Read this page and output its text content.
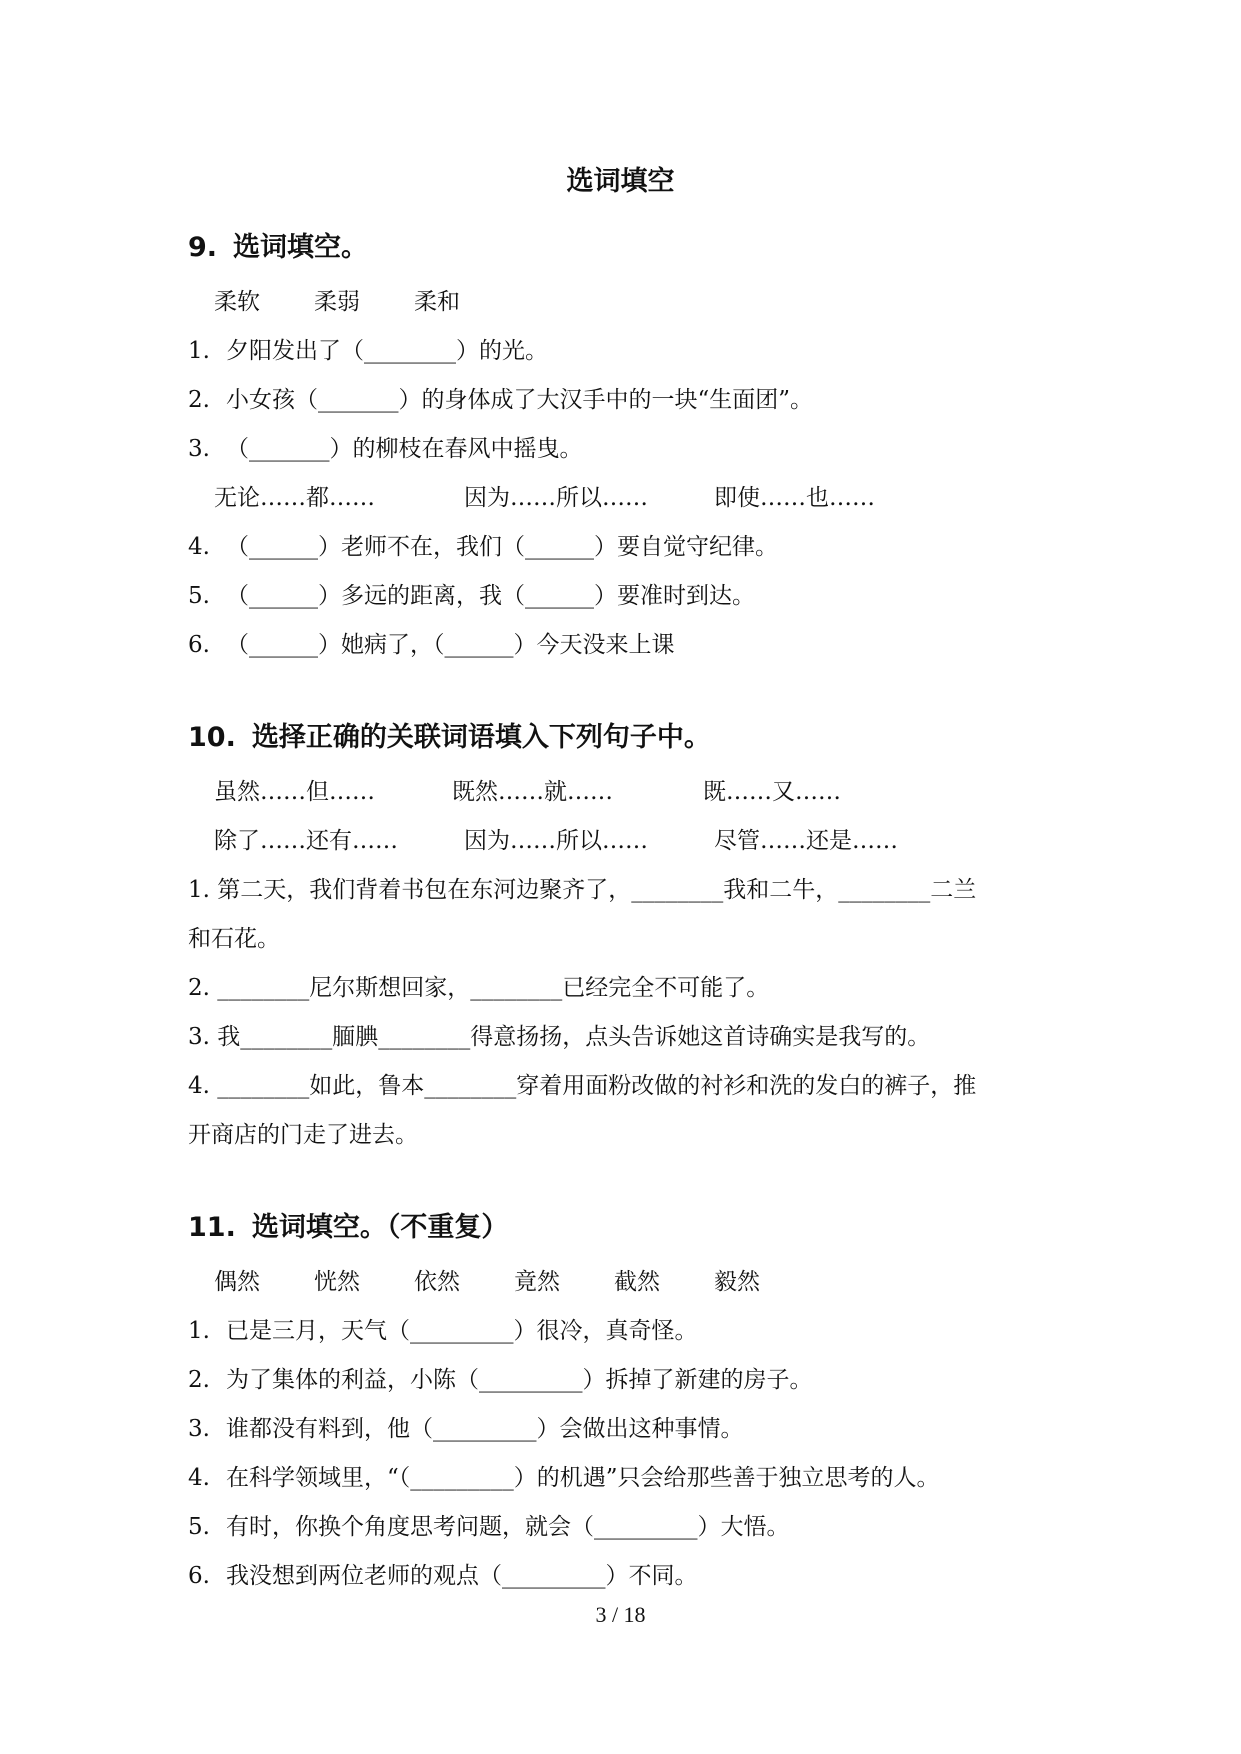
选词填空
9. 选词填空。

柔软 柔弱 柔和

1. 夕阳发出了（________）的光。

2. 小女孩（_______）的身体成了大汉手中的一块“生面团”。

3. （_______）的柳枝在春风中摇曳。

无论……都……	因为……所以……	即使……也……

4. （______）老师不在，我们（______）要自觉守纪律。

5. （______）多远的距离，我（______）要准时到达。

6. （______）她病了，（______）今天没来上课

10. 选择正确的关联词语填入下列句子中。

虽然……但……	既然……就……	既……又……

除了……还有……	因为……所以……	尽管……还是……

1. 第二天，我们背着书包在东河边聚齐了，________我和二牛，________二兰

和石花。

2. ________尼尔斯想回家，________已经完全不可能了。

3. 我________腼腆________得意扬扬，点头告诉她这首诗确实是我写的。

4. ________如此，鲁本________穿着用面粉改做的衬衫和洗的发白的裤子，推

开商店的门走了进去。

11. 选词填空。（不重复）

偶然 恍然 依然 竟然 截然 毅然

1. 已是三月，天气（_________）很冷，真奇怪。

2. 为了集体的利益，小陈（_________）拆掉了新建的房子。

3. 谁都没有料到，他（_________）会做出这种事情。

4. 在科学领域里，“（_________）的机遇”只会给那些善于独立思考的人。

5. 有时，你换个角度思考问题，就会（_________）大悟。

6. 我没想到两位老师的观点（_________）不同。

3 / 18
